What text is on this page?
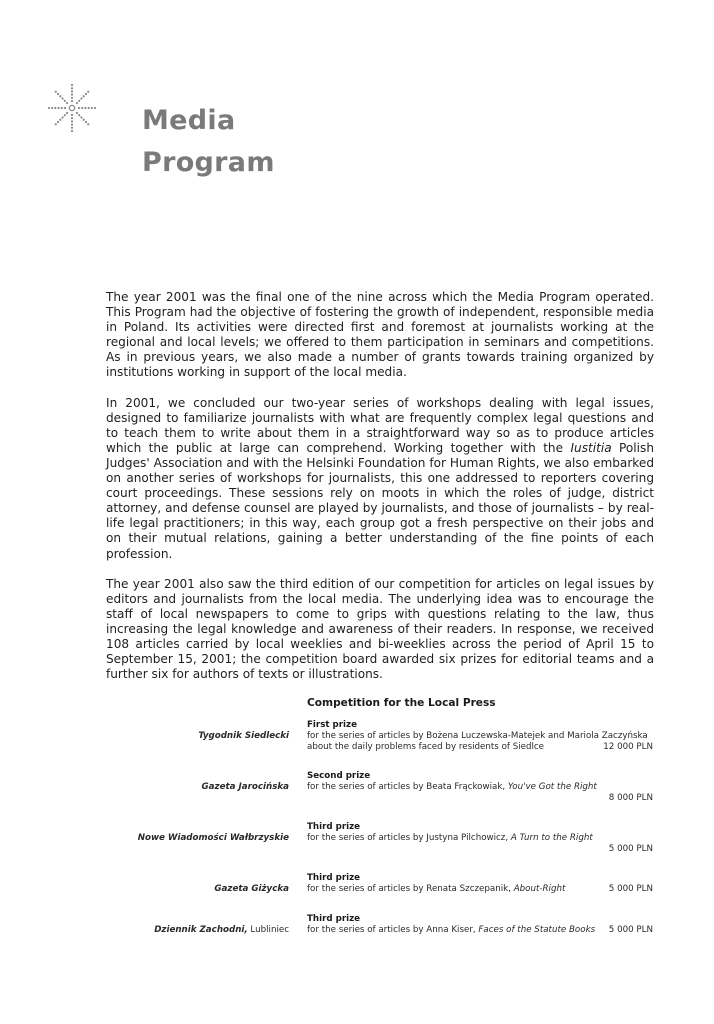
Media
Program

The year 2001 was the final one of the nine across which the Media Program operated. This Program had the objective of fostering the growth of independent, responsible media in Poland. Its activities were directed first and foremost at journalists working at the regional and local levels; we offered to them participation in seminars and competitions. As in previous years, we also made a number of grants towards training organized by institutions working in support of the local media.

In 2001, we concluded our two-year series of workshops dealing with legal issues, designed to familiarize journalists with what are frequently complex legal questions and to teach them to write about them in a straightforward way so as to produce articles which the public at large can comprehend. Working together with the Iustitia Polish Judges' Association and with the Helsinki Foundation for Human Rights, we also embarked on another series of workshops for journalists, this one addressed to reporters covering court proceedings. These sessions rely on moots in which the roles of judge, district attorney, and defense counsel are played by journalists, and those of journalists – by real-life legal practitioners; in this way, each group got a fresh perspective on their jobs and on their mutual relations, gaining a better understanding of the fine points of each profession.

The year 2001 also saw the third edition of our competition for articles on legal issues by editors and journalists from the local media. The underlying idea was to encourage the staff of local newspapers to come to grips with questions relating to the law, thus increasing the legal knowledge and awareness of their readers. In response, we received 108 articles carried by local weeklies and bi-weeklies across the period of April 15 to September 15, 2001; the competition board awarded six prizes for editorial teams and a further six for authors of texts or illustrations.

Competition for the Local Press
Tygodnik Siedlecki
First prize
for the series of articles by Bożena Luczewska-Matejek and Mariola Zaczyńska
about the daily problems faced by residents of Siedlce	12 000 PLN
Gazeta Jarocińska
Second prize
for the series of articles by Beata Frąckowiak, You've Got the Right
8 000 PLN
Nowe Wiadomości Wałbrzyskie
Third prize
for the series of articles by Justyna Pilchowicz, A Turn to the Right
5 000 PLN
Gazeta Giżycka
Third prize
for the series of articles by Renata Szczepanik, About-Right	5 000 PLN
Dziennik Zachodni, Lubliniec
Third prize
for the series of articles by Anna Kiser, Faces of the Statute Books 5 000 PLN
